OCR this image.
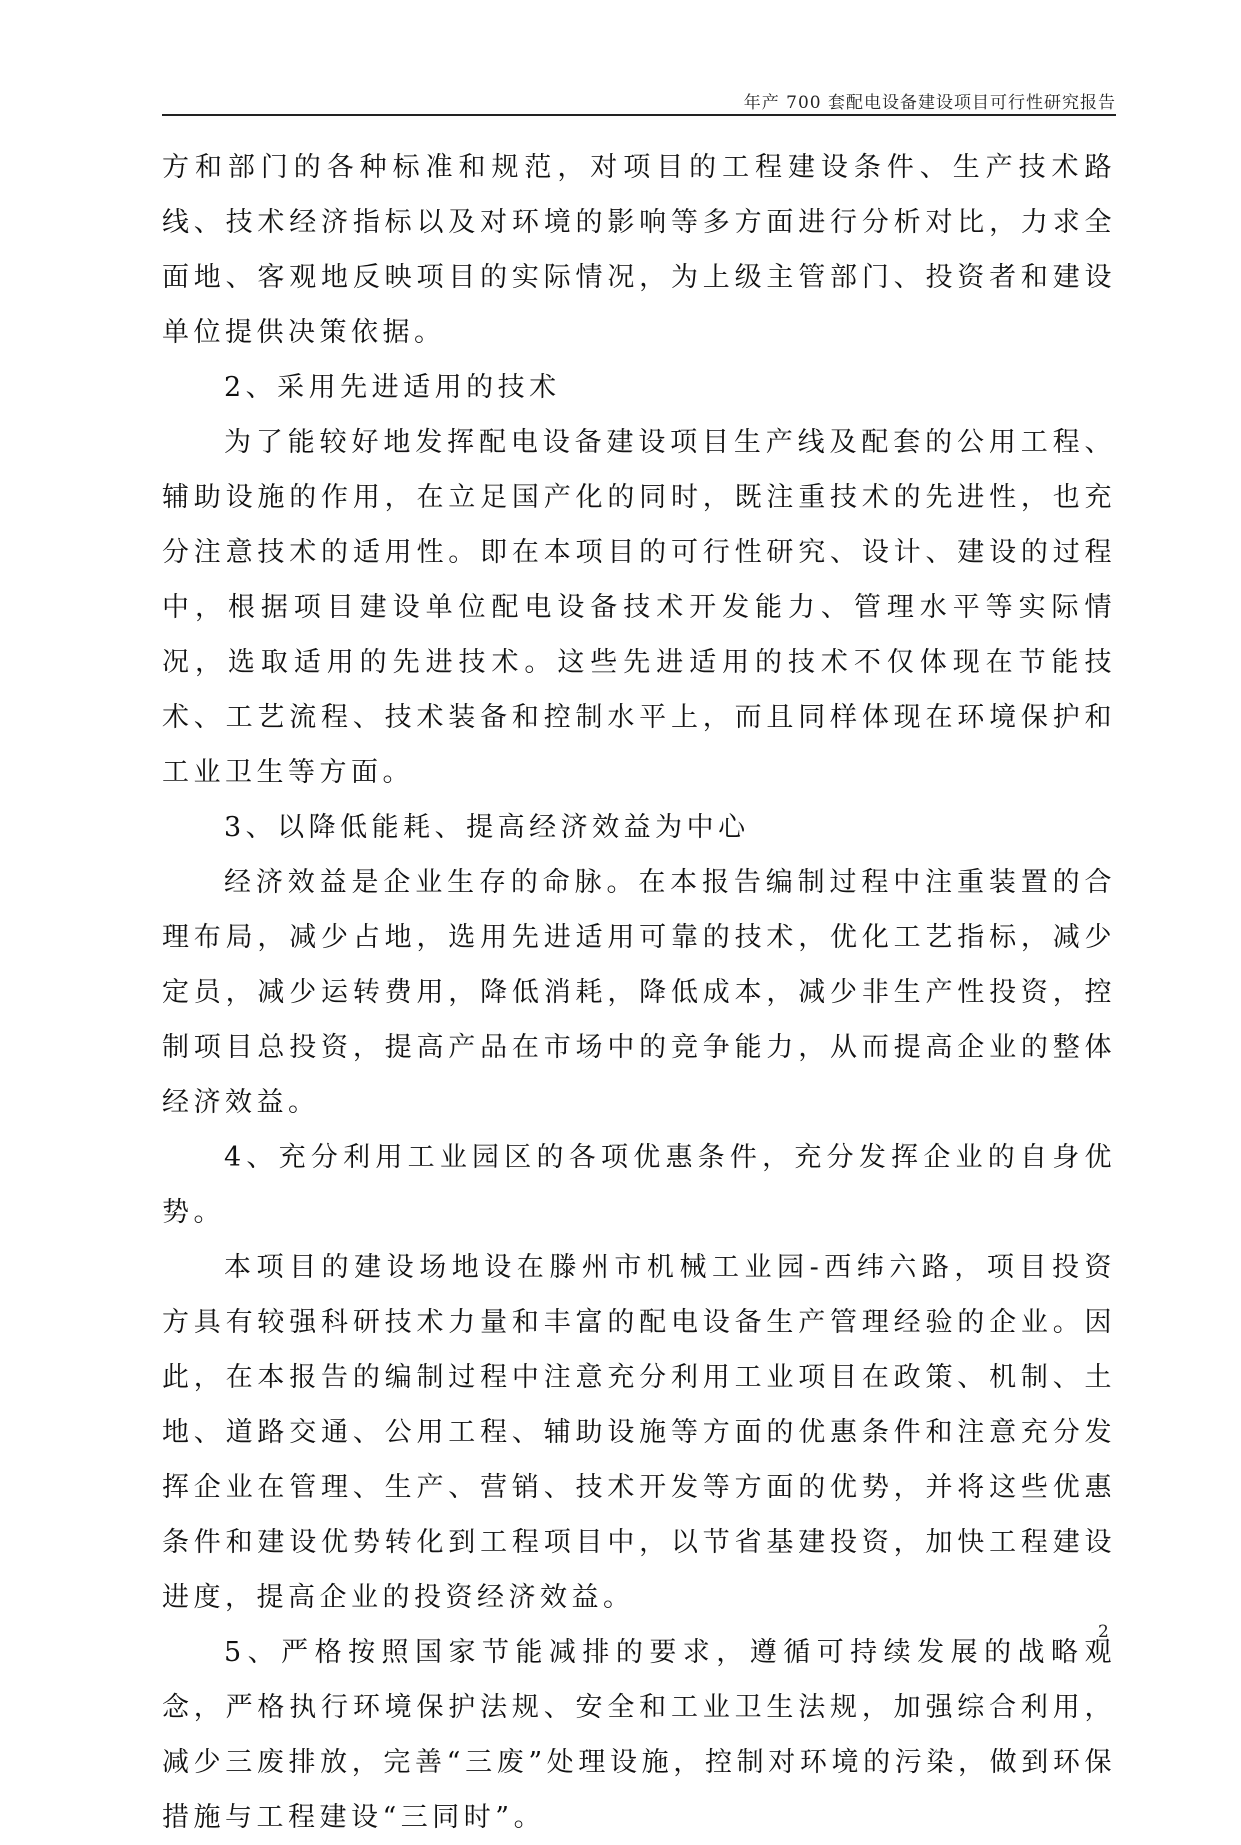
年产 700 套配电设备建设项目可行性研究报告

方和部门的各种标准和规范，对项目的工程建设条件、生产技术路线、技术经济指标以及对环境的影响等多方面进行分析对比，力求全面地、客观地反映项目的实际情况，为上级主管部门、投资者和建设单位提供决策依据。

2、采用先进适用的技术

为了能较好地发挥配电设备建设项目生产线及配套的公用工程、辅助设施的作用，在立足国产化的同时，既注重技术的先进性，也充分注意技术的适用性。即在本项目的可行性研究、设计、建设的过程中，根据项目建设单位配电设备技术开发能力、管理水平等实际情况，选取适用的先进技术。这些先进适用的技术不仅体现在节能技术、工艺流程、技术装备和控制水平上，而且同样体现在环境保护和工业卫生等方面。

3、以降低能耗、提高经济效益为中心

经济效益是企业生存的命脉。在本报告编制过程中注重装置的合理布局，减少占地，选用先进适用可靠的技术，优化工艺指标，减少定员，减少运转费用，降低消耗，降低成本，减少非生产性投资，控制项目总投资，提高产品在市场中的竞争能力，从而提高企业的整体经济效益。

4、充分利用工业园区的各项优惠条件，充分发挥企业的自身优势。

本项目的建设场地设在滕州市机械工业园-西纬六路，项目投资方具有较强科研技术力量和丰富的配电设备生产管理经验的企业。因此，在本报告的编制过程中注意充分利用工业项目在政策、机制、土地、道路交通、公用工程、辅助设施等方面的优惠条件和注意充分发挥企业在管理、生产、营销、技术开发等方面的优势，并将这些优惠条件和建设优势转化到工程项目中，以节省基建投资，加快工程建设进度，提高企业的投资经济效益。

5、严格按照国家节能减排的要求，遵循可持续发展的战略观念，严格执行环境保护法规、安全和工业卫生法规，加强综合利用，减少三废排放，完善“三废”处理设施，控制对环境的污染，做到环保措施与工程建设“三同时”。

2
